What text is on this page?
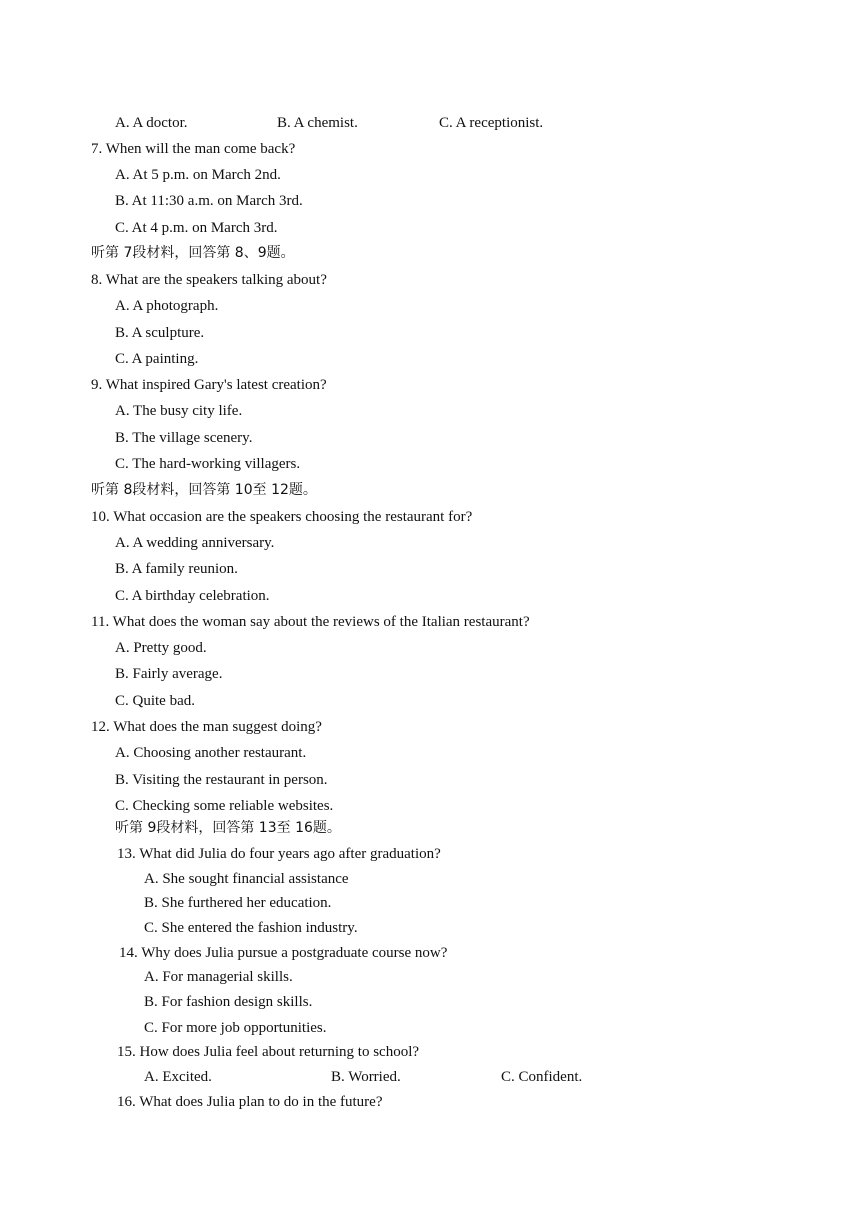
A. A doctor.	B. A chemist.	C. A receptionist.
7. When will the man come back?
A. At 5 p.m. on March 2nd.
B. At 11:30 a.m. on March 3rd.
C. At 4 p.m. on March 3rd.
听第 7段材料，回答第 8、9题。
8. What are the speakers talking about?
A. A photograph.
B. A sculpture.
C. A painting.
9. What inspired Gary's latest creation?
A. The busy city life.
B. The village scenery.
C. The hard-working villagers.
听第 8段材料，回答第 10至 12题。
10. What occasion are the speakers choosing the restaurant for?
A. A wedding anniversary.
B. A family reunion.
C. A birthday celebration.
11. What does the woman say about the reviews of the Italian restaurant?
A. Pretty good.
B. Fairly average.
C. Quite bad.
12. What does the man suggest doing?
A. Choosing another restaurant.
B. Visiting the restaurant in person.
C. Checking some reliable websites.
听第 9段材料，回答第 13至 16题。
13. What did Julia do four years ago after graduation?
A. She sought financial assistance
B. She furthered her education.
C. She entered the fashion industry.
14. Why does Julia pursue a postgraduate course now?
A. For managerial skills.
B. For fashion design skills.
C. For more job opportunities.
15. How does Julia feel about returning to school?
A. Excited.	B. Worried.	C. Confident.
16. What does Julia plan to do in the future?
